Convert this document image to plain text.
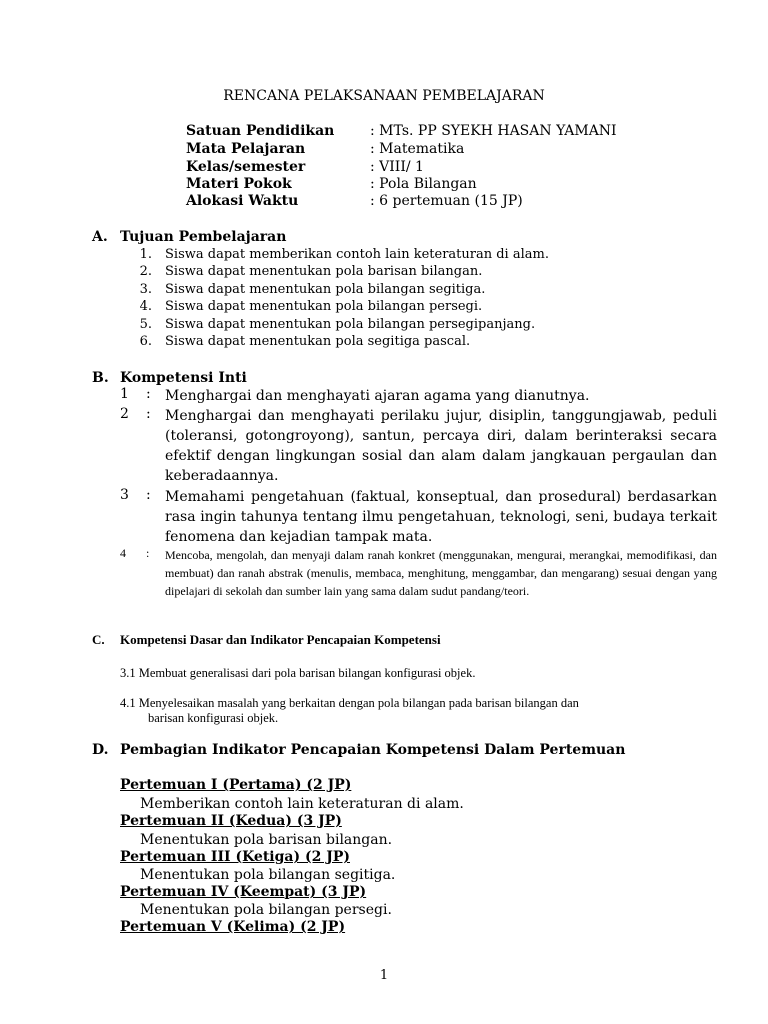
RENCANA PELAKSANAAN PEMBELAJARAN
Satuan Pendidikan	: MTs. PP SYEKH HASAN YAMANI
Mata Pelajaran	: Matematika
Kelas/semester	: VIII/ 1
Materi Pokok	: Pola Bilangan
Alokasi Waktu	: 6 pertemuan (15 JP)
A. Tujuan Pembelajaran
1. Siswa dapat memberikan contoh lain keteraturan di alam.
2. Siswa dapat menentukan pola barisan bilangan.
3. Siswa dapat menentukan pola bilangan segitiga.
4. Siswa dapat menentukan pola bilangan persegi.
5. Siswa dapat menentukan pola bilangan persegipanjang.
6. Siswa dapat menentukan pola segitiga pascal.
B. Kompetensi Inti
1 : Menghargai dan menghayati ajaran agama yang dianutnya.
2 : Menghargai dan menghayati perilaku jujur, disiplin, tanggungjawab, peduli (toleransi, gotongroyong), santun, percaya diri, dalam berinteraksi secara efektif dengan lingkungan sosial dan alam dalam jangkauan pergaulan dan keberadaannya.
3 : Memahami pengetahuan (faktual, konseptual, dan prosedural) berdasarkan rasa ingin tahunya tentang ilmu pengetahuan, teknologi, seni, budaya terkait fenomena dan kejadian tampak mata.
4 : Mencoba, mengolah, dan menyaji dalam ranah konkret (menggunakan, mengurai, merangkai, memodifikasi, dan membuat) dan ranah abstrak (menulis, membaca, menghitung, menggambar, dan mengarang) sesuai dengan yang dipelajari di sekolah dan sumber lain yang sama dalam sudut pandang/teori.
C. Kompetensi Dasar dan Indikator Pencapaian Kompetensi
3.1 Membuat generalisasi dari pola barisan bilangan konfigurasi objek.
4.1 Menyelesaikan masalah yang berkaitan dengan pola bilangan pada barisan bilangan dan
barisan konfigurasi objek.
D. Pembagian Indikator Pencapaian Kompetensi Dalam Pertemuan
Pertemuan I (Pertama) (2 JP)
Memberikan contoh lain keteraturan di alam.
Pertemuan II (Kedua) (3 JP)
Menentukan pola barisan bilangan.
Pertemuan III (Ketiga) (2 JP)
Menentukan pola bilangan segitiga.
Pertemuan IV (Keempat) (3 JP)
Menentukan pola bilangan persegi.
Pertemuan V (Kelima) (2 JP)
1
